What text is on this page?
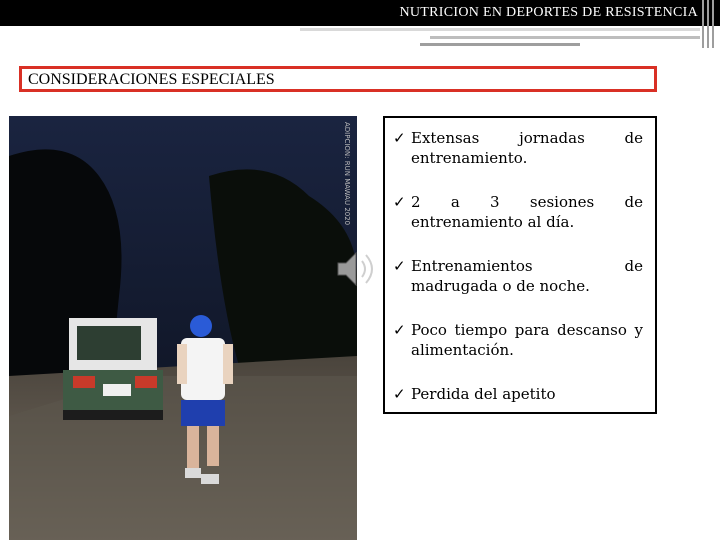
NUTRICION EN DEPORTES DE RESISTENCIA
CONSIDERACIONES ESPECIALES
ADIPCION: RUN MAWAU 2020	✓ Extensas jornadas de entrenamiento.
✓ 2 a 3 sesiones de entrenamiento al día.
✓ Entrenamientos de madrugada o de noche.
✓ Poco tiempo para descanso y alimentación.
✓ Perdida del apetito
